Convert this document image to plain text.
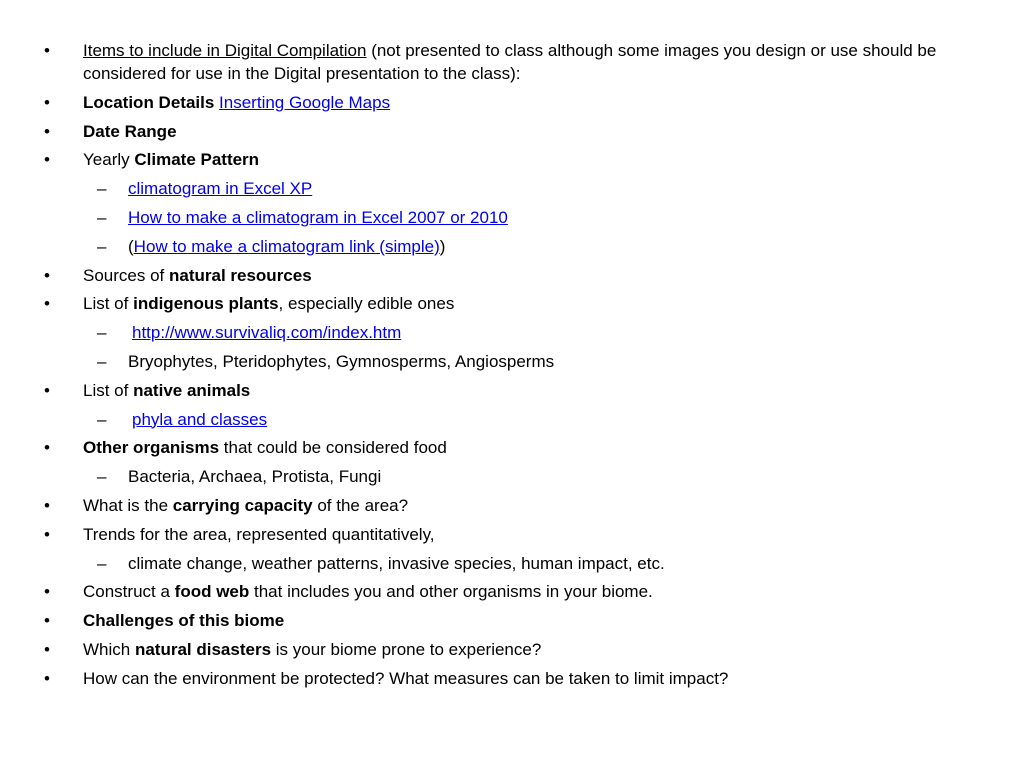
•	Items to include in Digital Compilation (not presented to class although some images you design or use should be considered for use in the Digital presentation to the class):
•	Location Details Inserting Google Maps
•	Date Range
•	Yearly Climate Pattern
–	climatogram in Excel XP
–	How to make a climatogram in Excel 2007 or 2010
–	(How to make a climatogram link (simple))
•	Sources of natural resources
•	List of indigenous plants, especially edible ones
–	http://www.survivaliq.com/index.htm
–	Bryophytes, Pteridophytes, Gymnosperms, Angiosperms
•	List of native animals
–	phyla and classes
•	Other organisms that could be considered food
–	Bacteria, Archaea, Protista, Fungi
•	What is the carrying capacity of the area?
•	Trends for the area, represented quantitatively,
–	climate change, weather patterns, invasive species, human impact, etc.
•	Construct a food web that includes you and other organisms in your biome.
•	Challenges of this biome
•	Which natural disasters is your biome prone to experience?
•	How can the environment be protected? What measures can be taken to limit impact?
